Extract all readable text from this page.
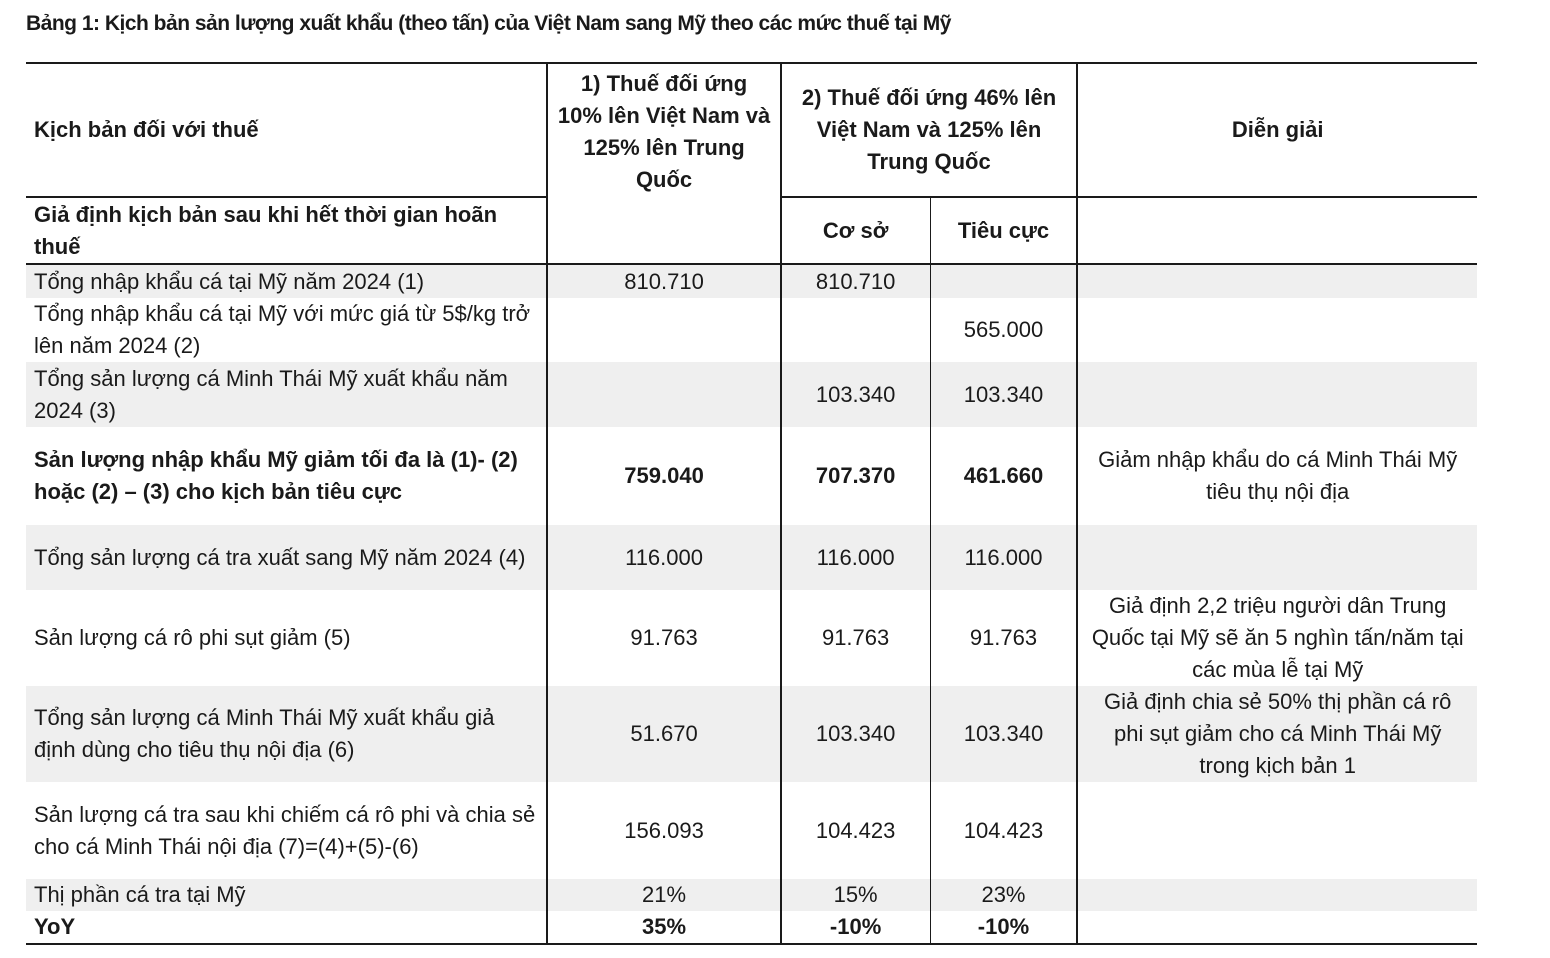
Bảng 1: Kịch bản sản lượng xuất khẩu (theo tấn) của Việt Nam sang Mỹ theo các mức thuế tại Mỹ
Kịch bản đối với thuế	1) Thuế đối ứng 10% lên Việt Nam và 125% lên Trung Quốc	2) Thuế đối ứng 46% lên Việt Nam và 125% lên Trung Quốc		Diễn giải
Giả định kịch bản sau khi hết thời gian hoãn thuế		Cơ sở	Tiêu cực	
Tổng nhập khẩu cá tại Mỹ năm 2024 (1)	810.710	810.710		
Tổng nhập khẩu cá tại Mỹ với mức giá từ 5$/kg trở lên năm 2024 (2)			565.000	
Tổng sản lượng cá Minh Thái Mỹ xuất khẩu năm 2024 (3)		103.340	103.340	
Sản lượng nhập khẩu Mỹ giảm tối đa là (1)- (2) hoặc (2) – (3) cho kịch bản tiêu cực	759.040	707.370	461.660	Giảm nhập khẩu do cá Minh Thái Mỹ tiêu thụ nội địa
Tổng sản lượng cá tra xuất sang Mỹ năm 2024 (4)	116.000	116.000	116.000	
Sản lượng cá rô phi sụt giảm (5)	91.763	91.763	91.763	Giả định 2,2 triệu người dân Trung Quốc tại Mỹ sẽ ăn 5 nghìn tấn/năm tại các mùa lễ tại Mỹ
Tổng sản lượng cá Minh Thái Mỹ xuất khẩu giả định dùng cho tiêu thụ nội địa (6)	51.670	103.340	103.340	Giả định chia sẻ 50% thị phần cá rô phi sụt giảm cho cá Minh Thái Mỹ trong kịch bản 1
Sản lượng cá tra sau khi chiếm cá rô phi và chia sẻ cho cá Minh Thái nội địa (7)=(4)+(5)-(6)	156.093	104.423	104.423	
Thị phần cá tra tại Mỹ	21%	15%	23%	
YoY	35%	-10%	-10%	
